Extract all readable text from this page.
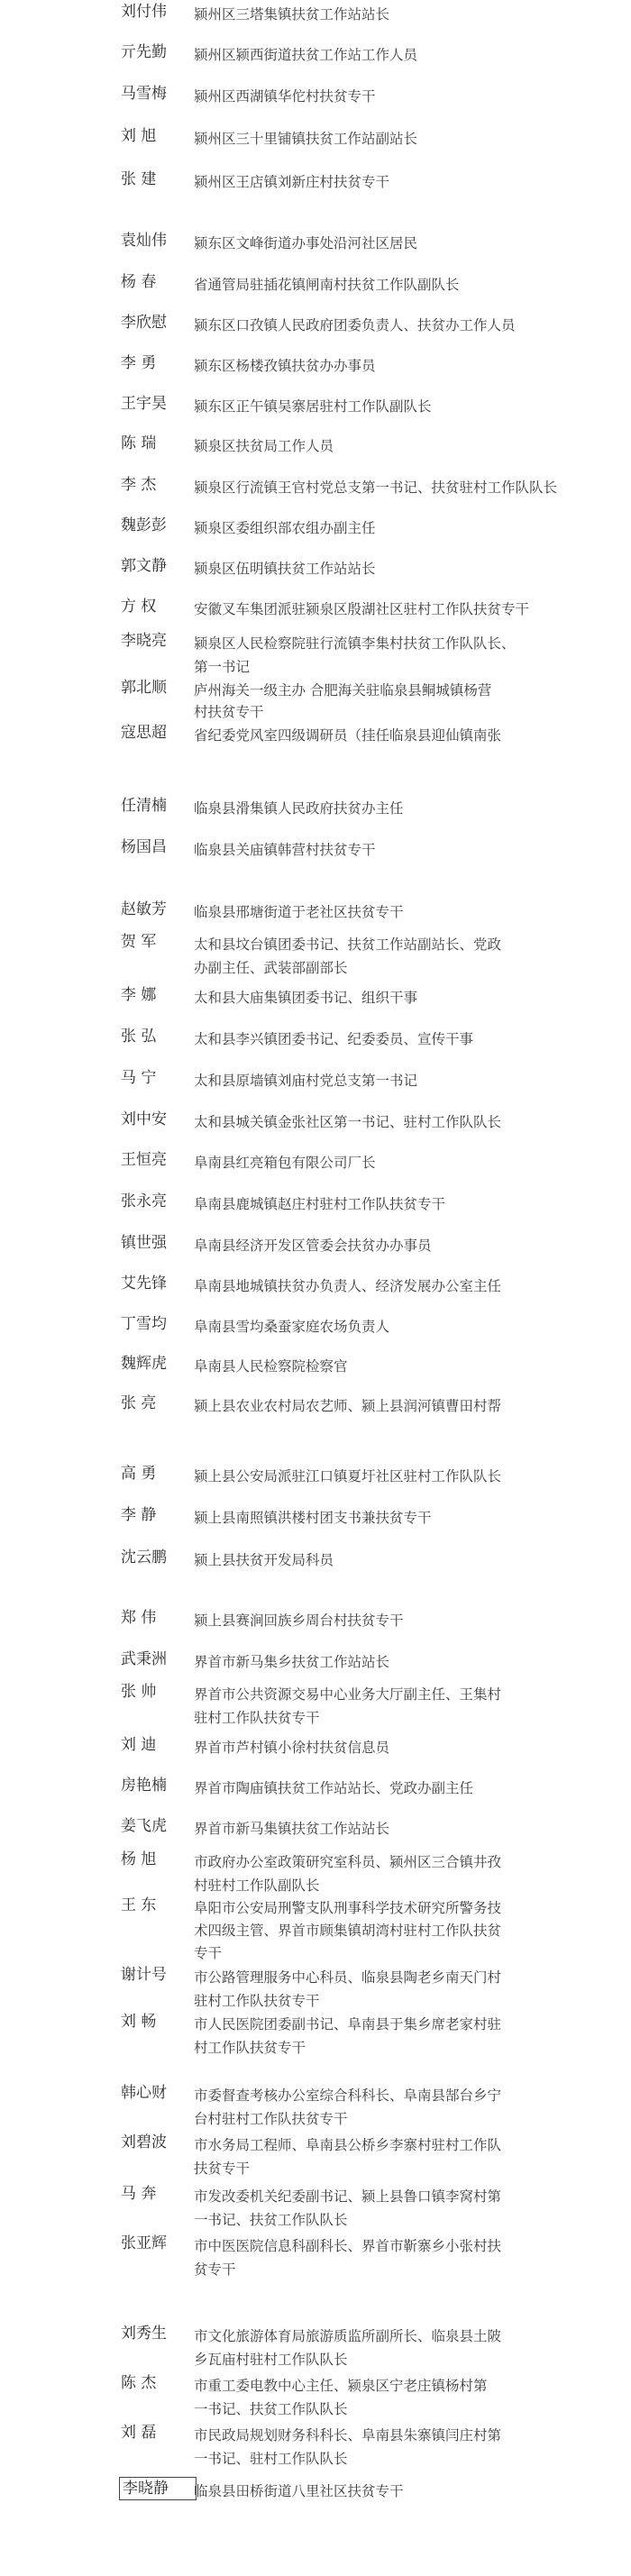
刘付伟	颍州区三塔集镇扶贫工作站站长
亓先勤	颍州区颍西街道扶贫工作站工作人员
马雪梅	颍州区西湖镇华佗村扶贫专干
刘 旭	颍州区三十里铺镇扶贫工作站副站长
张 建	颍州区王店镇刘新庄村扶贫专干
袁灿伟	颍东区文峰街道办事处沿河社区居民
杨 春	省通管局驻插花镇闸南村扶贫工作队副队长
李欣慰	颍东区口孜镇人民政府团委负责人、扶贫办工作人员
李 勇	颍东区杨楼孜镇扶贫办办事员
王宇昊	颍东区正午镇吴寨居驻村工作队副队长
陈 瑞	颍泉区扶贫局工作人员
李 杰	颍泉区行流镇王官村党总支第一书记、扶贫驻村工作队队长
魏彭彭	颍泉区委组织部农组办副主任
郭文静	颍泉区伍明镇扶贫工作站站长
方 权	安徽叉车集团派驻颍泉区殷湖社区驻村工作队扶贫专干
李晓亮	颍泉区人民检察院驻行流镇李集村扶贫工作队队长、
第一书记
郭北顺	庐州海关一级主办 合肥海关驻临泉县鲖城镇杨营
村扶贫专干
寇思超	省纪委党风室四级调研员（挂任临泉县迎仙镇南张
任清楠	临泉县滑集镇人民政府扶贫办主任
杨国昌	临泉县关庙镇韩营村扶贫专干
赵敏芳	临泉县邢塘街道于老社区扶贫专干
贺 军	太和县坟台镇团委书记、扶贫工作站副站长、党政
办副主任、武装部副部长
李 娜	太和县大庙集镇团委书记、组织干事
张 弘	太和县李兴镇团委书记、纪委委员、宣传干事
马 宁	太和县原墙镇刘庙村党总支第一书记
刘中安	太和县城关镇金张社区第一书记、驻村工作队队长
王恒亮	阜南县红亮箱包有限公司厂长
张永亮	阜南县鹿城镇赵庄村驻村工作队扶贫专干
镇世强	阜南县经济开发区管委会扶贫办办事员
艾先锋	阜南县地城镇扶贫办负责人、经济发展办公室主任
丁雪均	阜南县雪均桑蚕家庭农场负责人
魏辉虎	阜南县人民检察院检察官
张 亮	颍上县农业农村局农艺师、颍上县润河镇曹田村帮
高 勇	颍上县公安局派驻江口镇夏圩社区驻村工作队队长
李 静	颍上县南照镇洪楼村团支书兼扶贫专干
沈云鹏	颍上县扶贫开发局科员
郑 伟	颍上县赛涧回族乡周台村扶贫专干
武秉洲	界首市新马集乡扶贫工作站站长
张 帅	界首市公共资源交易中心业务大厅副主任、王集村
驻村工作队扶贫专干
刘 迪	界首市芦村镇小徐村扶贫信息员
房艳楠	界首市陶庙镇扶贫工作站站长、党政办副主任
姜飞虎	界首市新马集镇扶贫工作站站长
杨 旭	市政府办公室政策研究室科员、颍州区三合镇井孜
村驻村工作队副队长
王 东	阜阳市公安局刑警支队刑事科学技术研究所警务技
术四级主管、界首市顾集镇胡湾村驻村工作队扶贫
专干
谢计号	市公路管理服务中心科员、临泉县陶老乡南天门村
驻村工作队扶贫专干
刘 畅	市人民医院团委副书记、阜南县于集乡席老家村驻
村工作队扶贫专干
韩心财	市委督查考核办公室综合科科长、阜南县郜台乡宁
台村驻村工作队扶贫专干
刘碧波	市水务局工程师、阜南县公桥乡李寨村驻村工作队
扶贫专干
马 奔	市发改委机关纪委副书记、颍上县鲁口镇李窝村第
一书记、扶贫工作队队长
张亚辉	市中医医院信息科副科长、界首市靳寨乡小张村扶
贫专干
刘秀生	市文化旅游体育局旅游质监所副所长、临泉县土陂
乡瓦庙村驻村工作队队长
陈 杰	市重工委电教中心主任、颍泉区宁老庄镇杨村第
一书记、扶贫工作队队长
刘 磊	市民政局规划财务科科长、阜南县朱寨镇闫庄村第
一书记、驻村工作队队长
李晓静	临泉县田桥街道八里社区扶贫专干
